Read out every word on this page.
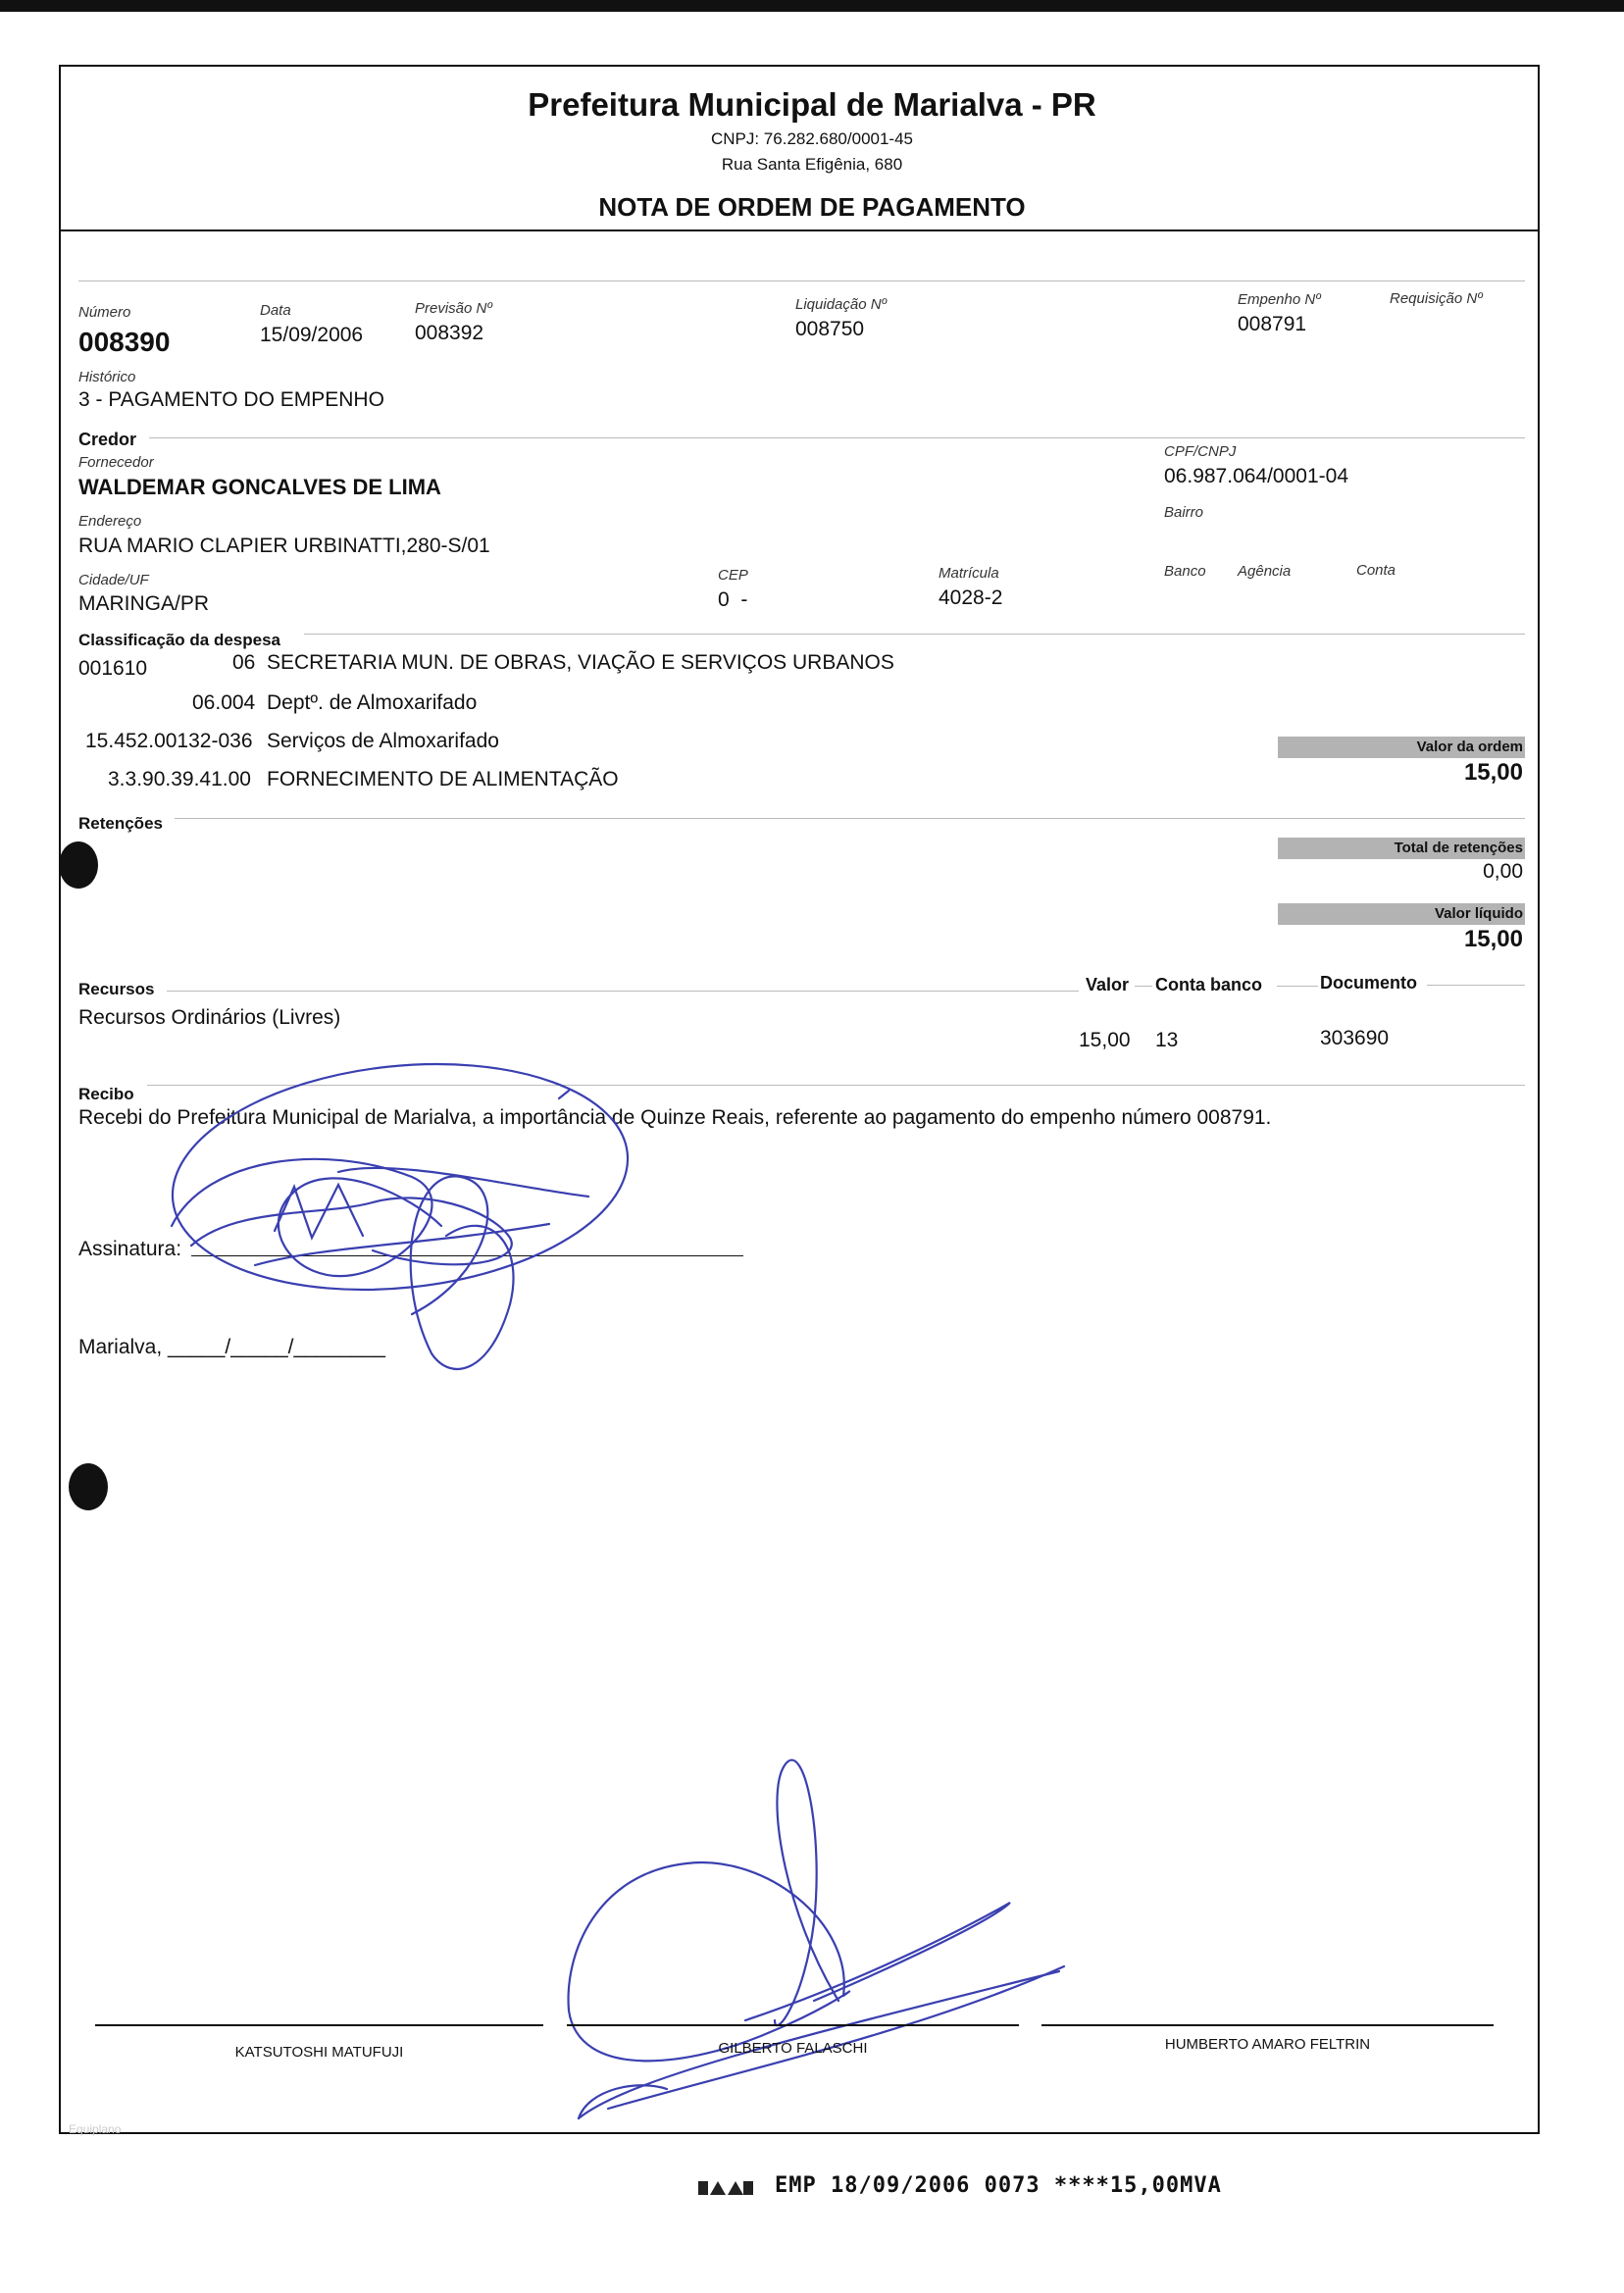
Prefeitura Municipal de Marialva - PR
CNPJ: 76.282.680/0001-45
Rua Santa Efigênia, 680
NOTA DE ORDEM DE PAGAMENTO
Número
008390
Data
15/09/2006
Previsão Nº
008392
Liquidação Nº
008750
Empenho Nº
008791
Requisição Nº
Histórico
3 - PAGAMENTO DO EMPENHO
Credor
Fornecedor
WALDEMAR GONCALVES DE LIMA
CPF/CNPJ
06.987.064/0001-04
Bairro
Endereço
RUA MARIO CLAPIER URBINATTI,280-S/01
Cidade/UF
MARINGA/PR
CEP
0  -
Matrícula
4028-2
Banco Agência	Conta
Classificação da despesa
001610	06 SECRETARIA MUN. DE OBRAS, VIAÇÃO E SERVIÇOS URBANOS
06.004 Deptº. de Almoxarifado
15.452.00132-036 Serviços de Almoxarifado
3.3.90.39.41.00 FORNECIMENTO DE ALIMENTAÇÃO
Valor da ordem
15,00
Retenções
Total de retenções
0,00
Valor líquido
15,00
Recursos	Valor Conta banco	Documento
Recursos Ordinários (Livres)
15,00 13	303690
Recibo
Recebi do Prefeitura Municipal de Marialva, a importância de Quinze Reais, referente ao pagamento do empenho número 008791.
Assinatura:
Marialva, _____/_____/________
KATSUTOSHI MATUFUJI	GILBERTO FALASCHI	HUMBERTO AMARO FELTRIN
Equiplano
EMP 18/09/2006 0073 ****15,00MVA
